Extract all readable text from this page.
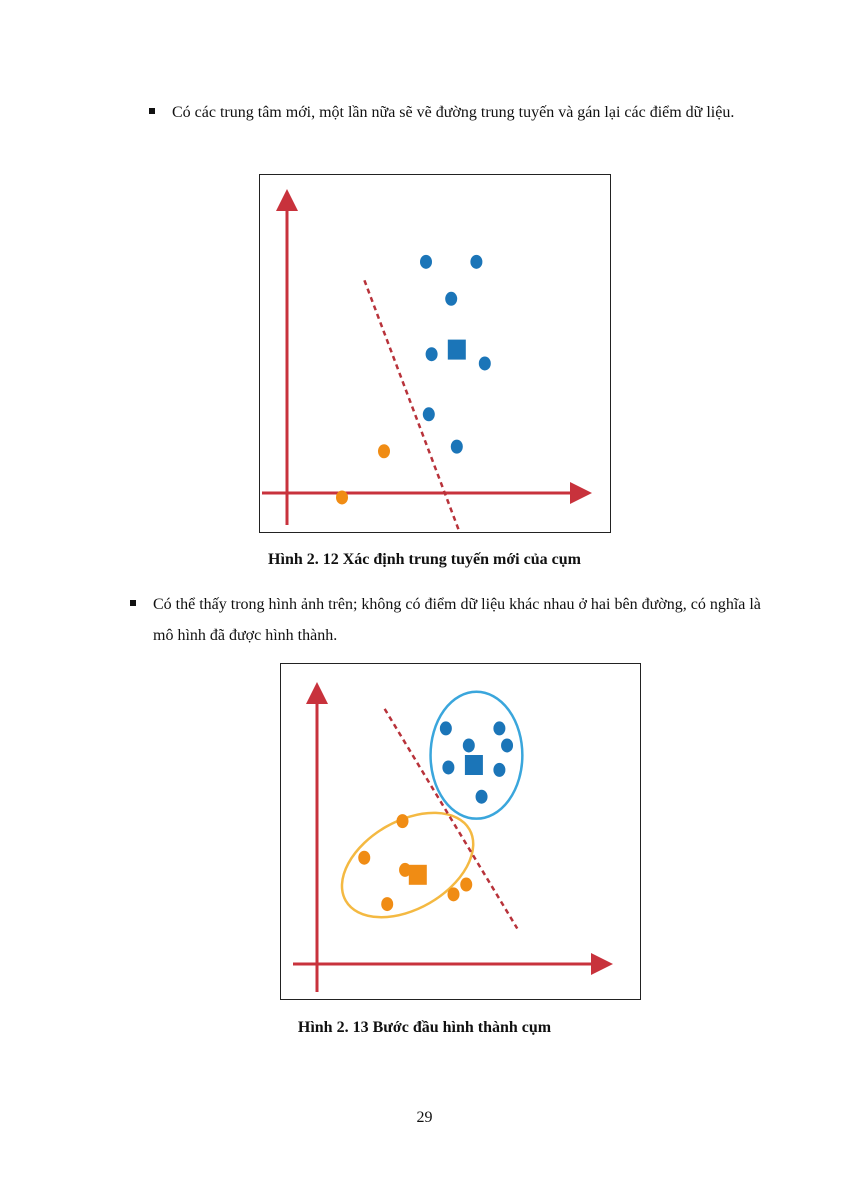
Có các trung tâm mới, một lần nữa sẽ vẽ đường trung tuyến và gán lại các điểm dữ liệu.
Hình 2. 12 Xác định trung tuyến mới của cụm
Có thể thấy trong hình ảnh trên; không có điểm dữ liệu khác nhau ở hai bên đường, có nghĩa là mô hình đã được hình thành.
Hình 2. 13 Bước đầu hình thành cụm
29
